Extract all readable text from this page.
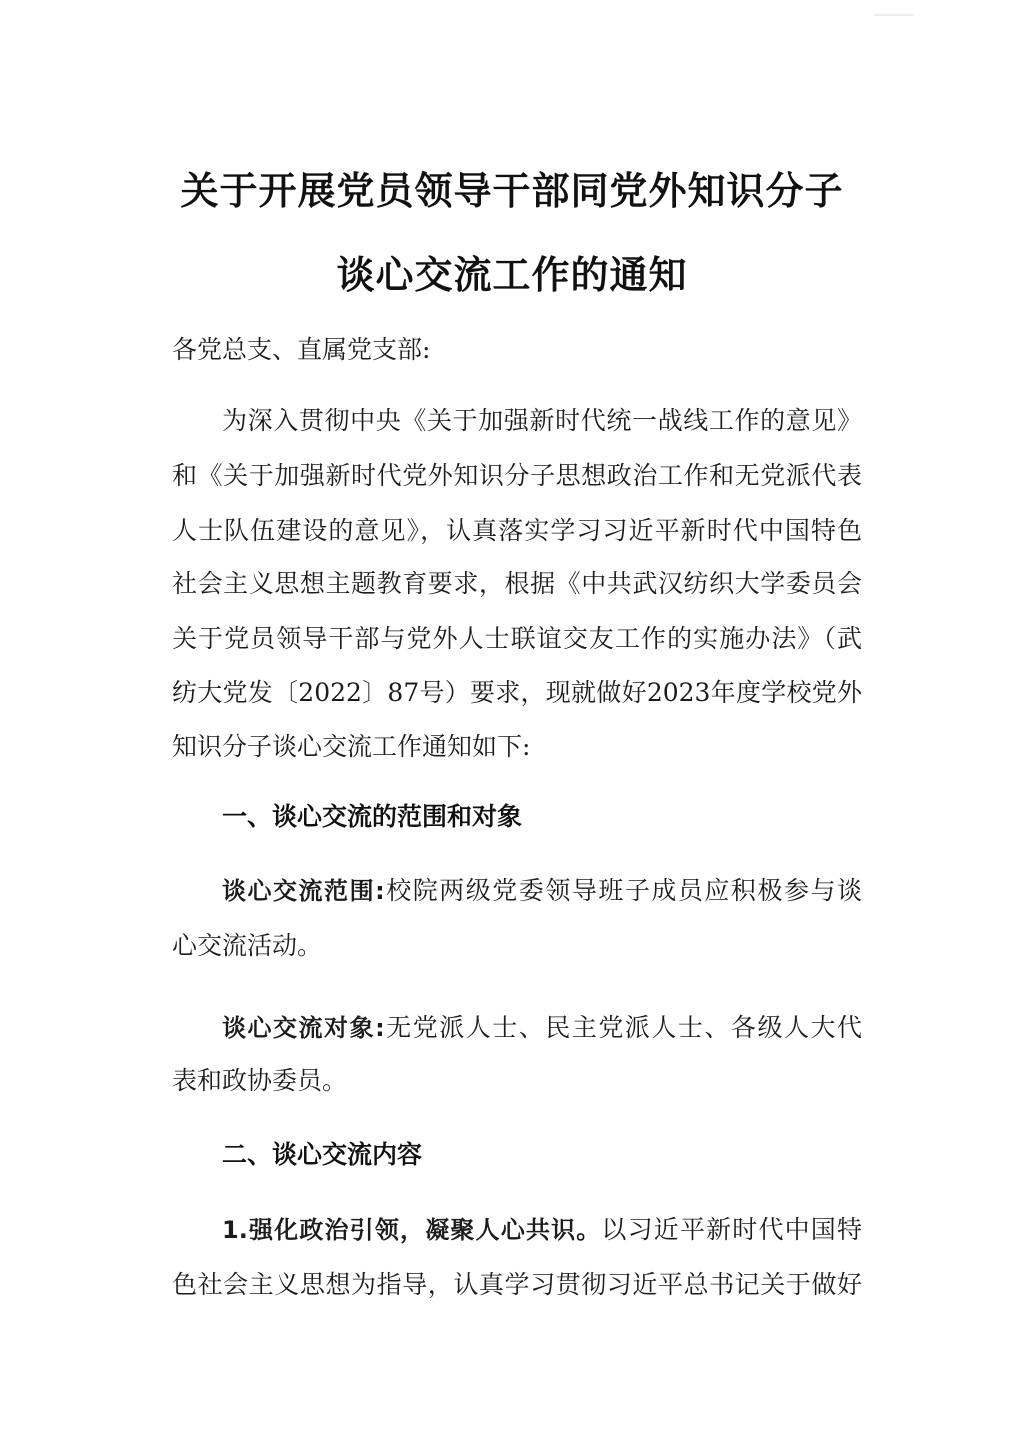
关于开展党员领导干部同党外知识分子
谈心交流工作的通知
各党总支、直属党支部:
为深入贯彻中央《关于加强新时代统一战线工作的意见》
和《关于加强新时代党外知识分子思想政治工作和无党派代表
人士队伍建设的意见》，认真落实学习习近平新时代中国特色
社会主义思想主题教育要求，根据《中共武汉纺织大学委员会
关于党员领导干部与党外人士联谊交友工作的实施办法》（武
纺大党发〔2022〕87号）要求，现就做好2023年度学校党外
知识分子谈心交流工作通知如下:
一、谈心交流的范围和对象
谈心交流范围:校院两级党委领导班子成员应积极参与谈
心交流活动。
谈心交流对象:无党派人士、民主党派人士、各级人大代
表和政协委员。
二、谈心交流内容
1.强化政治引领，凝聚人心共识。以习近平新时代中国特
色社会主义思想为指导，认真学习贯彻习近平总书记关于做好
